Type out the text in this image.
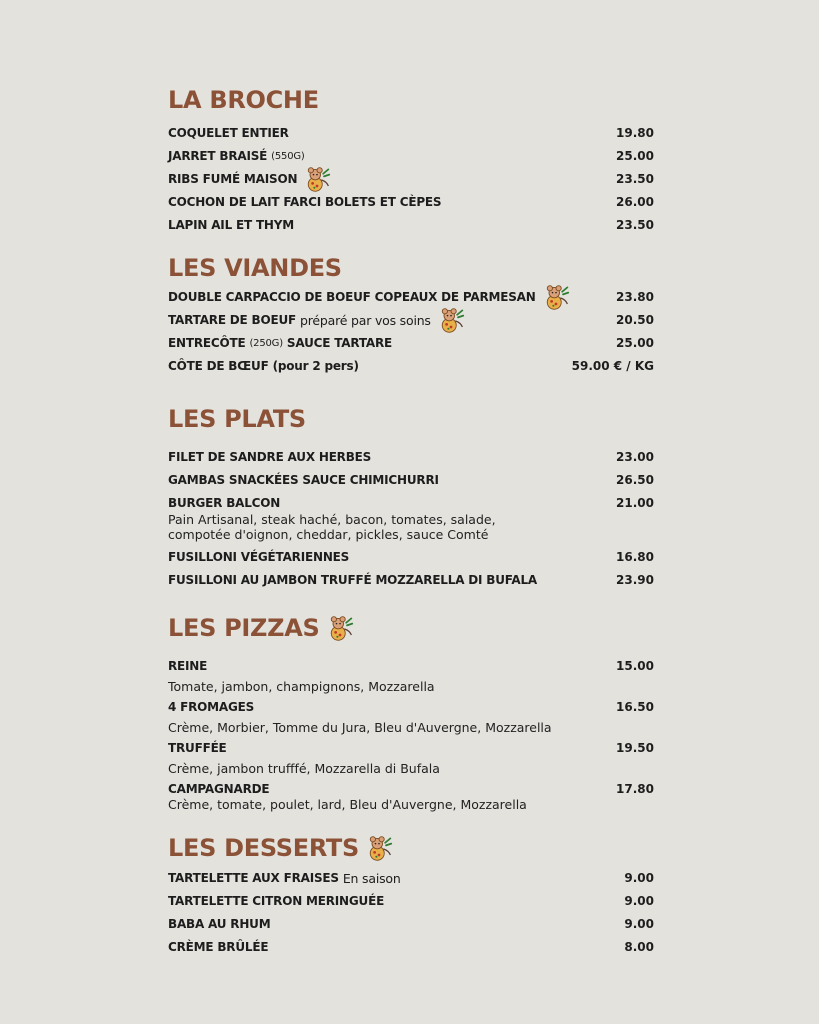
LA BROCHE
COQUELET ENTIER	19.80
JARRET BRAISÉ (550G)	25.00
RIBS FUMÉ MAISON	23.50
COCHON DE LAIT FARCI BOLETS ET CÈPES	26.00
LAPIN AIL ET THYM	23.50
LES VIANDES
DOUBLE CARPACCIO DE BOEUF COPEAUX DE PARMESAN	23.80
TARTARE DE BOEUF préparé par vos soins	20.50
ENTRECÔTE (250G) SAUCE TARTARE	25.00
CÔTE DE BŒUF (pour 2 pers)	59.00 € / KG
LES PLATS
FILET DE SANDRE AUX HERBES	23.00
GAMBAS SNACKÉES SAUCE CHIMICHURRI	26.50
BURGER BALCON	21.00
Pain Artisanal, steak haché, bacon, tomates, salade,
compotée d'oignon, cheddar, pickles, sauce Comté
FUSILLONI VÉGÉTARIENNES	16.80
FUSILLONI AU JAMBON TRUFFÉ MOZZARELLA DI BUFALA	23.90
LES PIZZAS
REINE	15.00
Tomate, jambon, champignons, Mozzarella
4 FROMAGES	16.50
Crème, Morbier, Tomme du Jura, Bleu d'Auvergne, Mozzarella
TRUFFÉE	19.50
Crème, jambon trufffé, Mozzarella di Bufala
CAMPAGNARDE	17.80
Crème, tomate, poulet, lard, Bleu d'Auvergne, Mozzarella
LES DESSERTS
TARTELETTE AUX FRAISES En saison	9.00
TARTELETTE CITRON MERINGUÉE	9.00
BABA AU RHUM	9.00
CRÈME BRÛLÉE	8.00
